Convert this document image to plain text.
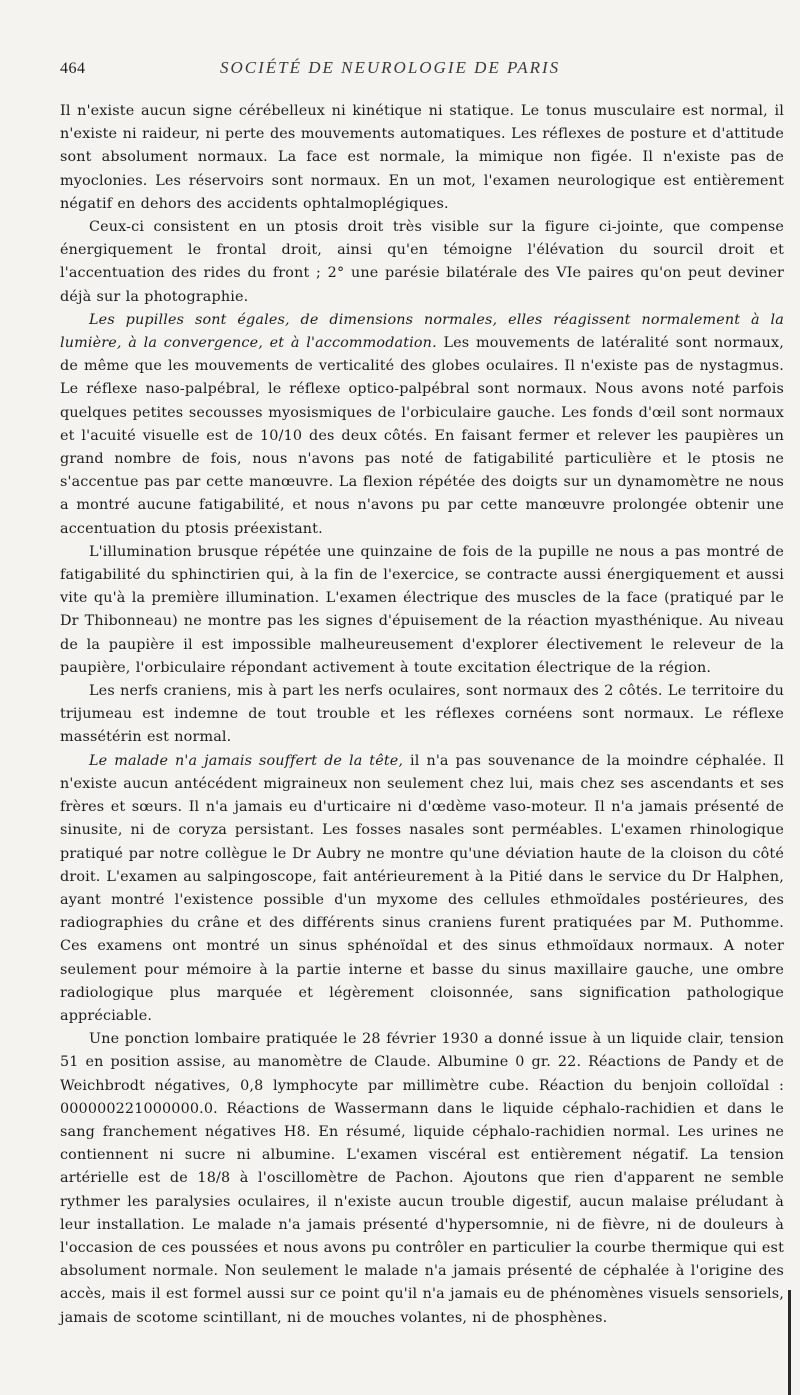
464	SOCIÉTÉ DE NEUROLOGIE DE PARIS

Il n'existe aucun signe cérébelleux ni kinétique ni statique. Le tonus musculaire est normal, il n'existe ni raideur, ni perte des mouvements automatiques. Les réflexes de posture et d'attitude sont absolument normaux. La face est normale, la mimique non figée. Il n'existe pas de myoclonies. Les réservoirs sont normaux. En un mot, l'examen neurologique est entièrement négatif en dehors des accidents ophtalmoplégiques.

Ceux-ci consistent en un ptosis droit très visible sur la figure ci-jointe, que compense énergiquement le frontal droit, ainsi qu'en témoigne l'élévation du sourcil droit et l'accentuation des rides du front ; 2° une parésie bilatérale des VIe paires qu'on peut deviner déjà sur la photographie.

Les pupilles sont égales, de dimensions normales, elles réagissent normalement à la lumière, à la convergence, et à l'accommodation. Les mouvements de latéralité sont normaux, de même que les mouvements de verticalité des globes oculaires. Il n'existe pas de nystagmus. Le réflexe naso-palpébral, le réflexe optico-palpébral sont normaux. Nous avons noté parfois quelques petites secousses myosismiques de l'orbiculaire gauche. Les fonds d'œil sont normaux et l'acuité visuelle est de 10/10 des deux côtés. En faisant fermer et relever les paupières un grand nombre de fois, nous n'avons pas noté de fatigabilité particulière et le ptosis ne s'accentue pas par cette manœuvre. La flexion répétée des doigts sur un dynamomètre ne nous a montré aucune fatigabilité, et nous n'avons pu par cette manœuvre prolongée obtenir une accentuation du ptosis préexistant.

L'illumination brusque répétée une quinzaine de fois de la pupille ne nous a pas montré de fatigabilité du sphinctirien qui, à la fin de l'exercice, se contracte aussi énergiquement et aussi vite qu'à la première illumination. L'examen électrique des muscles de la face (pratiqué par le Dr Thibonneau) ne montre pas les signes d'épuisement de la réaction myasthénique. Au niveau de la paupière il est impossible malheureusement d'explorer électivement le releveur de la paupière, l'orbiculaire répondant activement à toute excitation électrique de la région.

Les nerfs craniens, mis à part les nerfs oculaires, sont normaux des 2 côtés. Le territoire du trijumeau est indemne de tout trouble et les réflexes cornéens sont normaux. Le réflexe massétérin est normal.

Le malade n'a jamais souffert de la tête, il n'a pas souvenance de la moindre céphalée. Il n'existe aucun antécédent migraineux non seulement chez lui, mais chez ses ascendants et ses frères et sœurs. Il n'a jamais eu d'urticaire ni d'œdème vaso-moteur. Il n'a jamais présenté de sinusite, ni de coryza persistant. Les fosses nasales sont perméables. L'examen rhinologique pratiqué par notre collègue le Dr Aubry ne montre qu'une déviation haute de la cloison du côté droit. L'examen au salpingoscope, fait antérieurement à la Pitié dans le service du Dr Halphen, ayant montré l'existence possible d'un myxome des cellules ethmoïdales postérieures, des radiographies du crâne et des différents sinus craniens furent pratiquées par M. Puthomme. Ces examens ont montré un sinus sphénoïdal et des sinus ethmoïdaux normaux. A noter seulement pour mémoire à la partie interne et basse du sinus maxillaire gauche, une ombre radiologique plus marquée et légèrement cloisonnée, sans signification pathologique appréciable.

Une ponction lombaire pratiquée le 28 février 1930 a donné issue à un liquide clair, tension 51 en position assise, au manomètre de Claude. Albumine 0 gr. 22. Réactions de Pandy et de Weichbrodt négatives, 0,8 lymphocyte par millimètre cube. Réaction du benjoin colloïdal : 000000221000000.0. Réactions de Wassermann dans le liquide céphalo-rachidien et dans le sang franchement négatives H8. En résumé, liquide céphalo-rachidien normal. Les urines ne contiennent ni sucre ni albumine. L'examen viscéral est entièrement négatif. La tension artérielle est de 18/8 à l'oscillomètre de Pachon. Ajoutons que rien d'apparent ne semble rythmer les paralysies oculaires, il n'existe aucun trouble digestif, aucun malaise préludant à leur installation. Le malade n'a jamais présenté d'hypersomnie, ni de fièvre, ni de douleurs à l'occasion de ces poussées et nous avons pu contrôler en particulier la courbe thermique qui est absolument normale. Non seulement le malade n'a jamais présenté de céphalée à l'origine des accès, mais il est formel aussi sur ce point qu'il n'a jamais eu de phénomènes visuels sensoriels, jamais de scotome scintillant, ni de mouches volantes, ni de phosphènes.
